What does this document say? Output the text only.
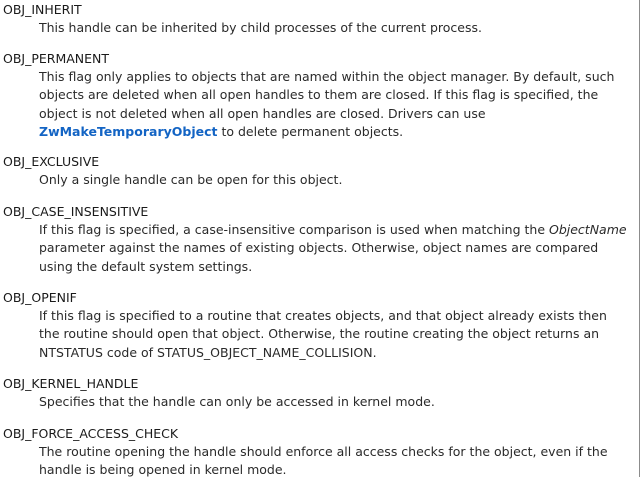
OBJ_INHERIT
This handle can be inherited by child processes of the current process.
OBJ_PERMANENT
This flag only applies to objects that are named within the object manager. By default, such
objects are deleted when all open handles to them are closed. If this flag is specified, the
object is not deleted when all open handles are closed. Drivers can use
ZwMakeTemporaryObject to delete permanent objects.
OBJ_EXCLUSIVE
Only a single handle can be open for this object.
OBJ_CASE_INSENSITIVE
If this flag is specified, a case-insensitive comparison is used when matching the ObjectName
parameter against the names of existing objects. Otherwise, object names are compared
using the default system settings.
OBJ_OPENIF
If this flag is specified to a routine that creates objects, and that object already exists then
the routine should open that object. Otherwise, the routine creating the object returns an
NTSTATUS code of STATUS_OBJECT_NAME_COLLISION.
OBJ_KERNEL_HANDLE
Specifies that the handle can only be accessed in kernel mode.
OBJ_FORCE_ACCESS_CHECK
The routine opening the handle should enforce all access checks for the object, even if the
handle is being opened in kernel mode.
